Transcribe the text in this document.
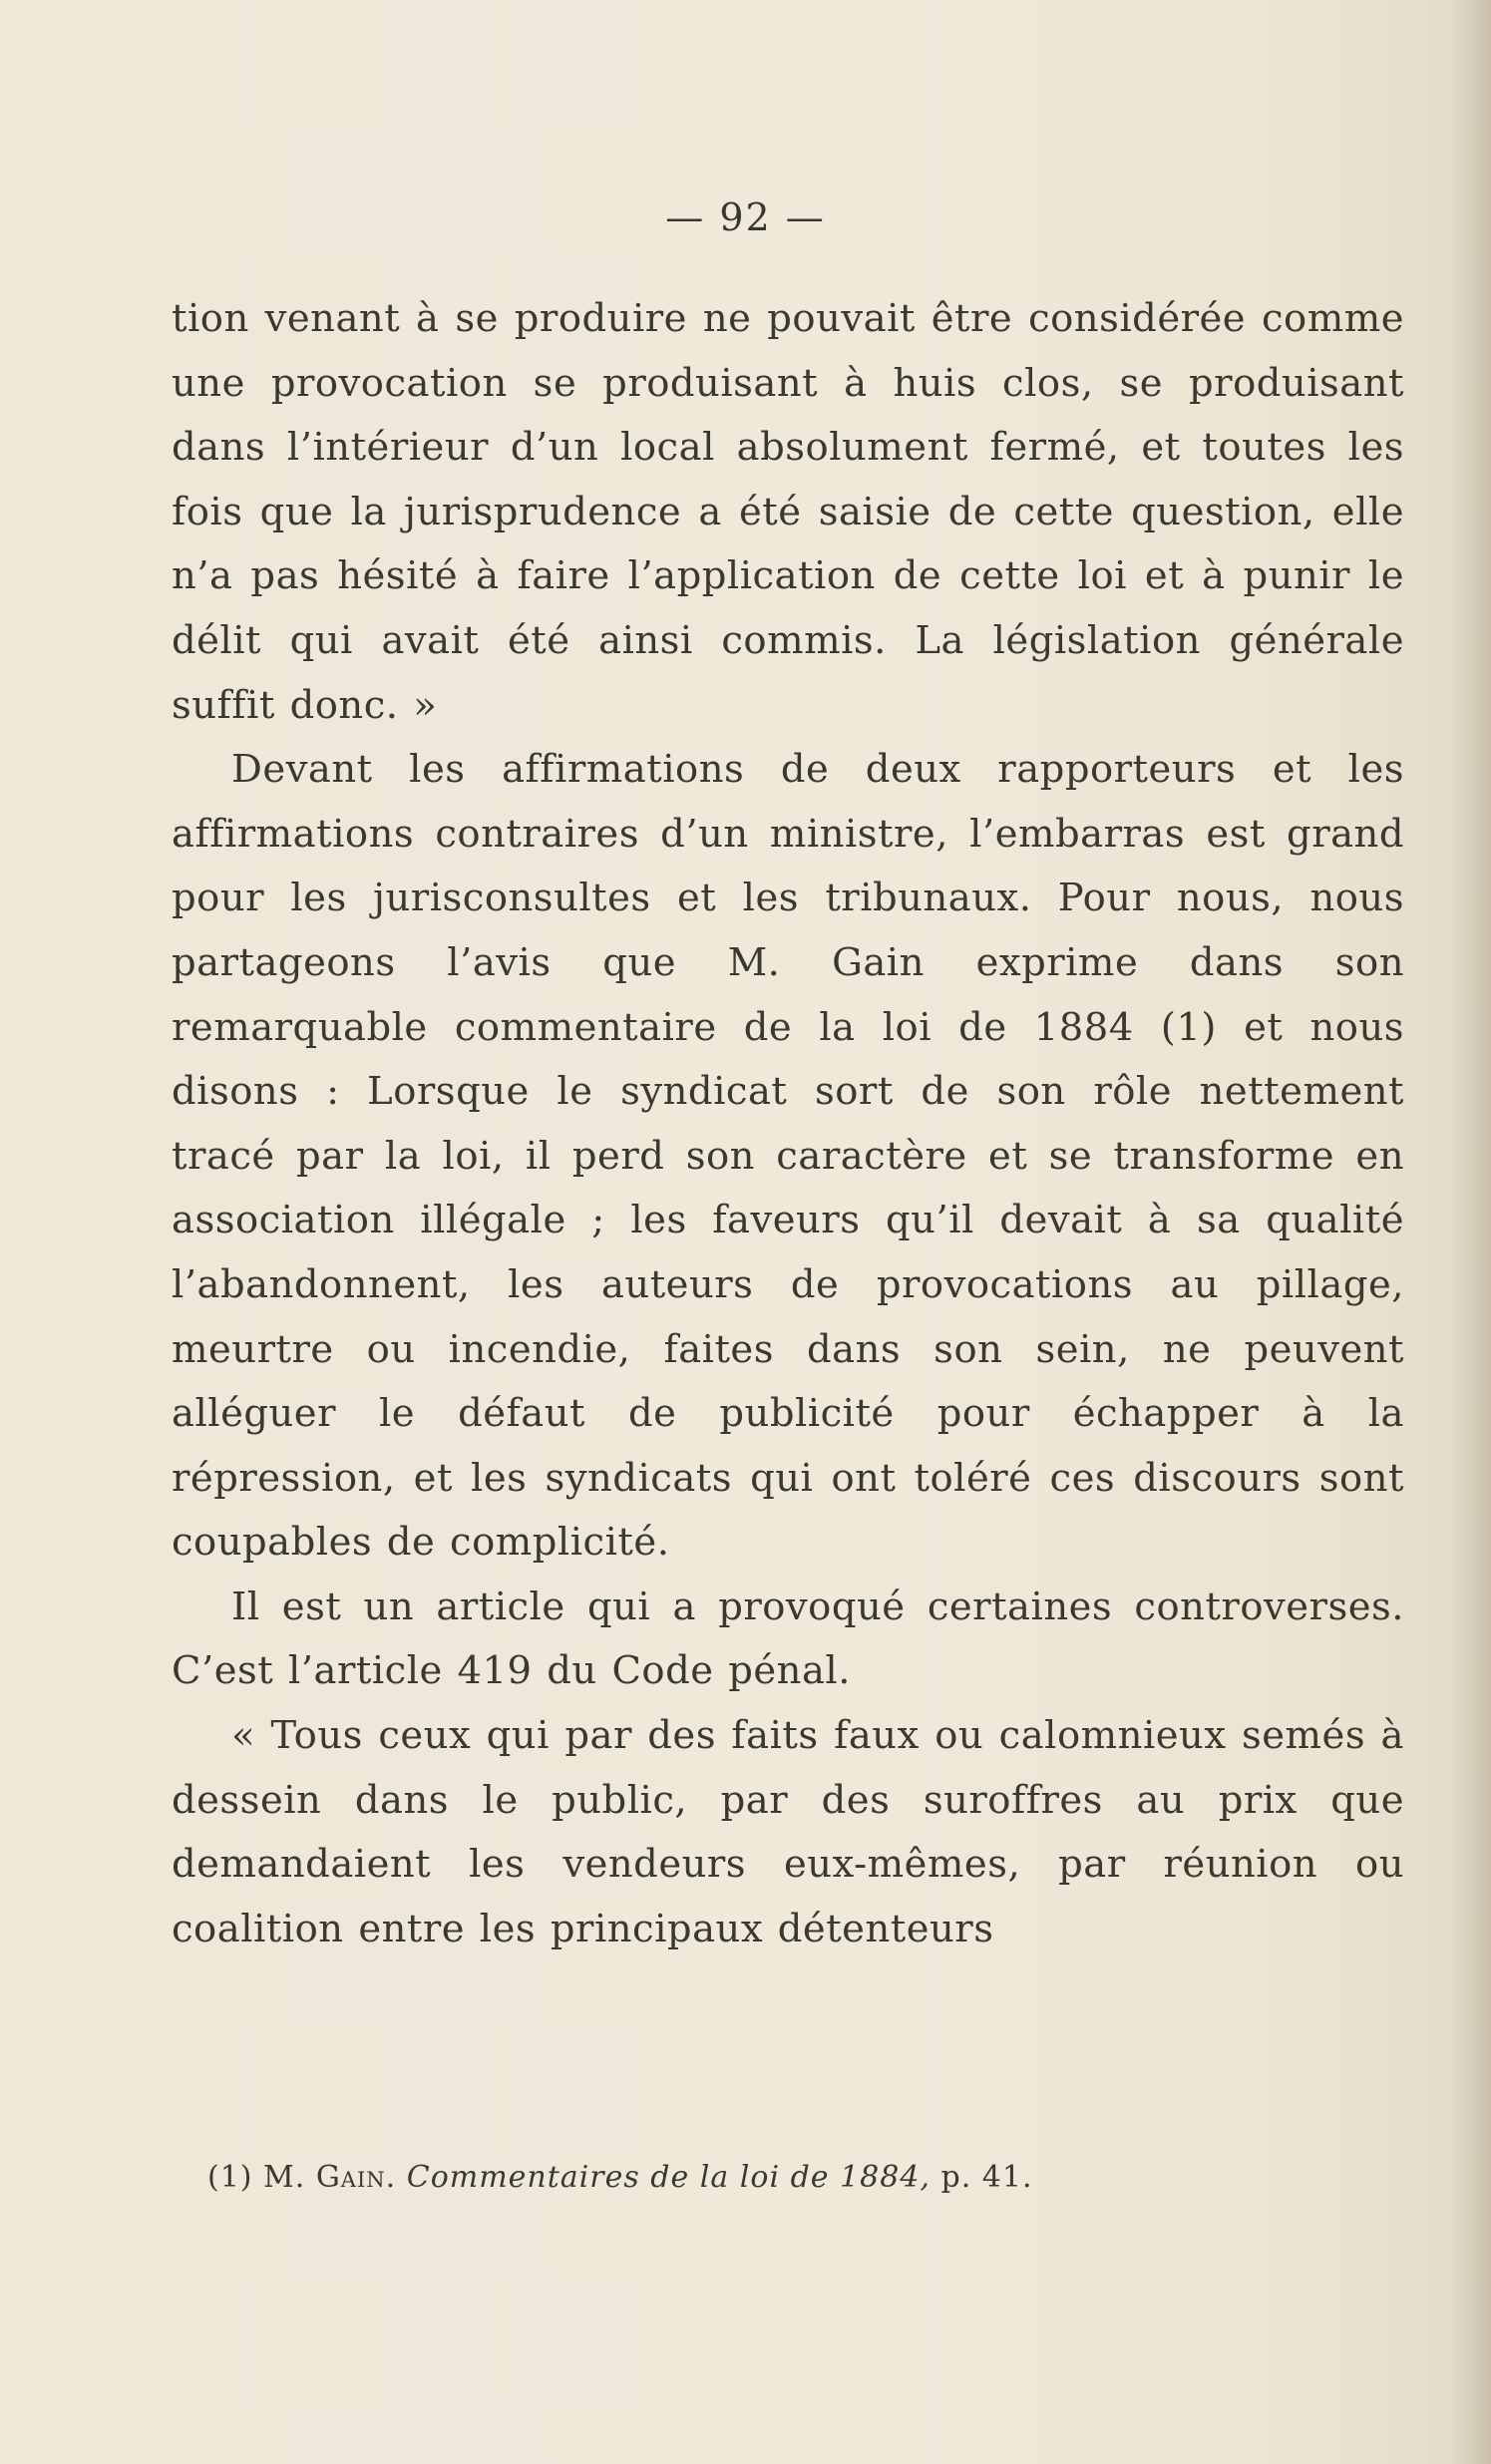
— 92 —

tion venant à se produire ne pouvait être considérée comme une provocation se produisant à huis clos, se produisant dans l’intérieur d’un local absolument fermé, et toutes les fois que la jurisprudence a été saisie de cette question, elle n’a pas hésité à faire l’application de cette loi et à punir le délit qui avait été ainsi commis. La législation générale suffit donc. »

Devant les affirmations de deux rapporteurs et les affirmations contraires d’un ministre, l’embarras est grand pour les jurisconsultes et les tribunaux. Pour nous, nous partageons l’avis que M. Gain exprime dans son remarquable commentaire de la loi de 1884 (1) et nous disons : Lorsque le syndicat sort de son rôle nettement tracé par la loi, il perd son caractère et se transforme en association illégale ; les faveurs qu’il devait à sa qualité l’abandonnent, les auteurs de provocations au pillage, meurtre ou incendie, faites dans son sein, ne peuvent alléguer le défaut de publicité pour échapper à la répression, et les syndicats qui ont toléré ces discours sont coupables de complicité.

Il est un article qui a provoqué certaines controverses. C’est l’article 419 du Code pénal.

« Tous ceux qui par des faits faux ou calomnieux semés à dessein dans le public, par des suroffres au prix que demandaient les vendeurs eux-mêmes, par réunion ou coalition entre les principaux détenteurs

(1) M. Gain. Commentaires de la loi de 1884, p. 41.
